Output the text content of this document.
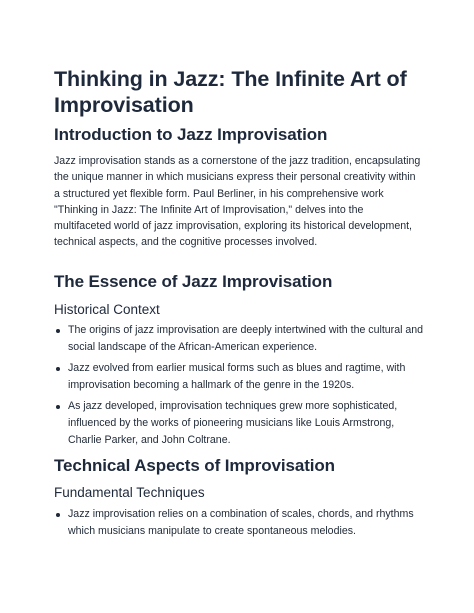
Thinking in Jazz: The Infinite Art of Improvisation
Introduction to Jazz Improvisation

Jazz improvisation stands as a cornerstone of the jazz tradition, encapsulating the unique manner in which musicians express their personal creativity within a structured yet flexible form. Paul Berliner, in his comprehensive work "Thinking in Jazz: The Infinite Art of Improvisation," delves into the multifaceted world of jazz improvisation, exploring its historical development, technical aspects, and the cognitive processes involved.

The Essence of Jazz Improvisation
Historical Context
The origins of jazz improvisation are deeply intertwined with the cultural and social landscape of the African-American experience.
Jazz evolved from earlier musical forms such as blues and ragtime, with improvisation becoming a hallmark of the genre in the 1920s.
As jazz developed, improvisation techniques grew more sophisticated, influenced by the works of pioneering musicians like Louis Armstrong, Charlie Parker, and John Coltrane.
Technical Aspects of Improvisation
Fundamental Techniques
Jazz improvisation relies on a combination of scales, chords, and rhythms which musicians manipulate to create spontaneous melodies.
